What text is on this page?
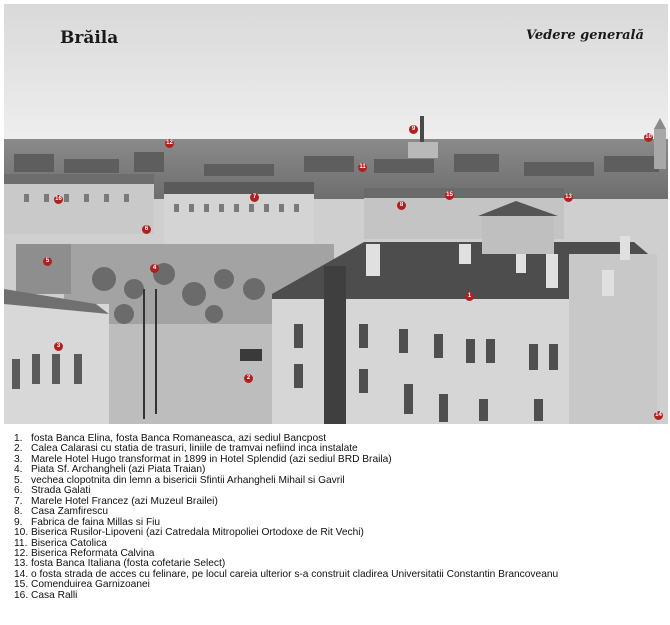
Brăila	Vedere generală
1
2
3
4
5
6
7
8
9
10
11
12
13
14
15
16
1. fosta Banca Elina, fosta Banca Romaneasca, azi sediul Bancpost
2. Calea Calarasi cu statia de trasuri, liniile de tramvai nefiind inca instalate
3. Marele Hotel Hugo transformat in 1899 in Hotel Splendid (azi sediul BRD Braila)
4. Piata Sf. Archangheli (azi Piata Traian)
5. vechea clopotnita din lemn a bisericii Sfintii Arhangheli Mihail si Gavril
6. Strada Galati
7. Marele Hotel Francez (azi Muzeul Brailei)
8. Casa Zamfirescu
9. Fabrica de faina Millas si Fiu
10. Biserica Rusilor-Lipoveni (azi Catredala Mitropoliei Ortodoxe de Rit Vechi)
11. Biserica Catolica
12. Biserica Reformata Calvina
13. fosta Banca Italiana (fosta cofetarie Select)
14. o fosta strada de acces cu felinare, pe locul careia ulterior s-a construit cladirea Universitatii Constantin Brancoveanu
15. Comenduirea Garnizoanei
16. Casa Ralli
